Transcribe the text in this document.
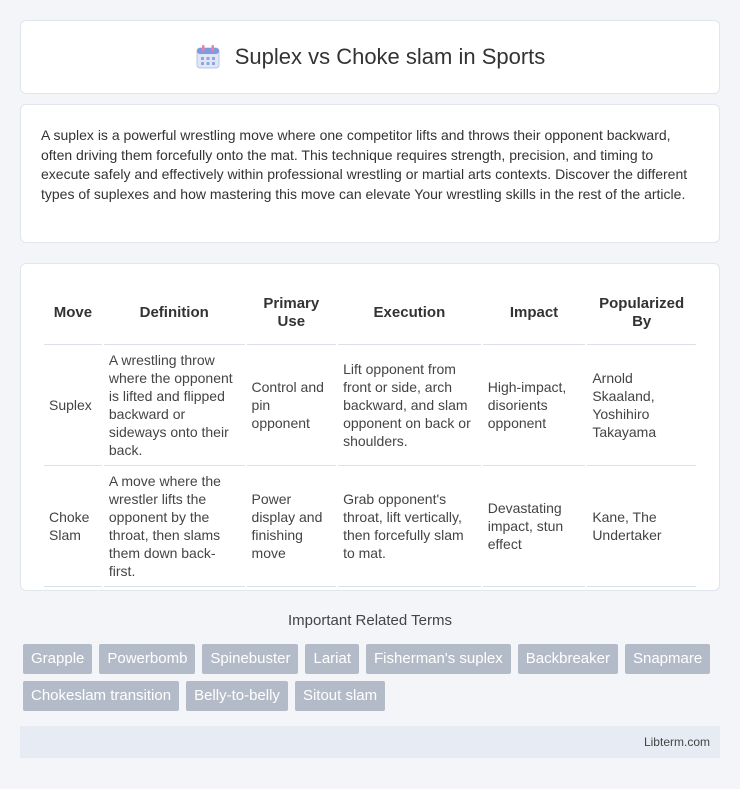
Suplex vs Choke slam in Sports

A suplex is a powerful wrestling move where one competitor lifts and throws their opponent backward, often driving them forcefully onto the mat. This technique requires strength, precision, and timing to execute safely and effectively within professional wrestling or martial arts contexts. Discover the different types of suplexes and how mastering this move can elevate Your wrestling skills in the rest of the article.

Move	Definition	Primary Use	Execution	Impact	Popularized By
Suplex	A wrestling throw where the opponent is lifted and flipped backward or sideways onto their back.	Control and pin opponent	Lift opponent from front or side, arch backward, and slam opponent on back or shoulders.	High-impact, disorients opponent	Arnold Skaaland, Yoshihiro Takayama
Choke Slam	A move where the wrestler lifts the opponent by the throat, then slams them down back-first.	Power display and finishing move	Grab opponent's throat, lift vertically, then forcefully slam to mat.	Devastating impact, stun effect	Kane, The Undertaker
Important Related Terms
Grapple	Powerbomb	Spinebuster	Lariat	Fisherman's suplex	Backbreaker	Snapmare
Chokeslam transition	Belly-to-belly	Sitout slam
Libterm.com
